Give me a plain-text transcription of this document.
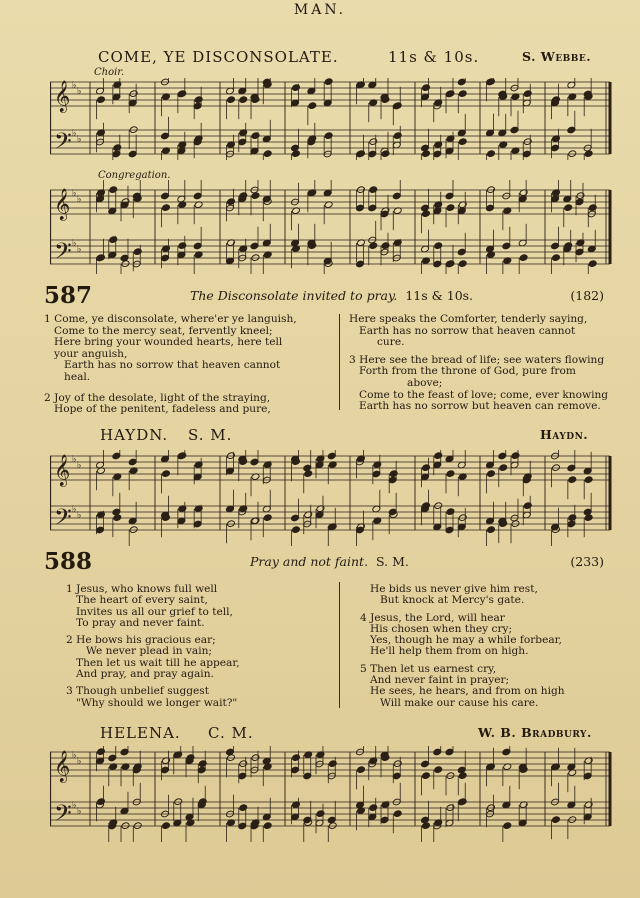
MAN.
COME, YE DISCONSOLATE.	11s & 10s.	S. Webbe.
Choir.
𝄞 ♭
♭
𝄢 ♭
♭
Congregation.
𝄞 ♭
♭
𝄢 ♭
♭
587	The Disconsolate invited to pray. 11s & 10s.	(182)
1 Come, ye disconsolate, where'er ye languish,
Come to the mercy seat, fervently kneel;
Here bring your wounded hearts, here tell
your anguish,
Earth has no sorrow that heaven cannot
heal.
2 Joy of the desolate, light of the straying,
Hope of the penitent, fadeless and pure,
Here speaks the Comforter, tenderly saying,
Earth has no sorrow that heaven cannot
cure.
3 Here see the bread of life; see waters flowing
Forth from the throne of God, pure from
above;
Come to the feast of love; come, ever knowing
Earth has no sorrow but heaven can remove.
HAYDN. S. M.	Haydn.
𝄞 ♭
♭
𝄢 ♭
♭
588	Pray and not faint. S. M.	(233)
1 Jesus, who knows full well
The heart of every saint,
Invites us all our grief to tell,
To pray and never faint.
2 He bows his gracious ear;
We never plead in vain;
Then let us wait till he appear,
And pray, and pray again.
3 Though unbelief suggest
"Why should we longer wait?"
He bids us never give him rest,
But knock at Mercy's gate.
4 Jesus, the Lord, will hear
His chosen when they cry;
Yes, though he may a while forbear,
He'll help them from on high.
5 Then let us earnest cry,
And never faint in prayer;
He sees, he hears, and from on high
Will make our cause his care.
HELENA. C. M.	W. B. Bradbury.
𝄞 ♭
♭
𝄢 ♭
♭
